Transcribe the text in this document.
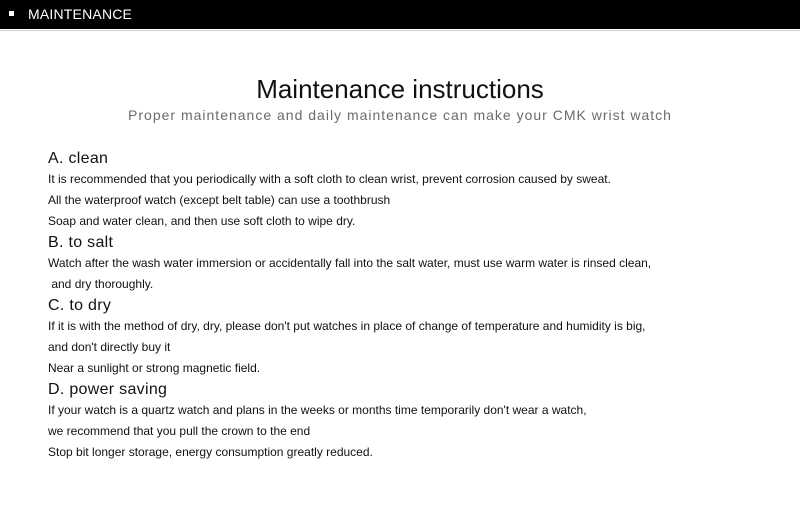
MAINTENANCE
Maintenance instructions
Proper maintenance and daily maintenance can make your CMK wrist watch
A. clean
It is recommended that you periodically with a soft cloth to clean wrist, prevent corrosion caused by sweat.
All the waterproof watch (except belt table) can use a toothbrush
Soap and water clean, and then use soft cloth to wipe dry.
B. to salt
Watch after the wash water immersion or accidentally fall into the salt water, must use warm water is rinsed clean,
and dry thoroughly.
C. to dry
If it is with the method of dry, dry, please don't put watches in place of change of temperature and humidity is big,
and don't directly buy it
Near a sunlight or strong magnetic field.
D. power saving
If your watch is a quartz watch and plans in the weeks or months time temporarily don't wear a watch,
we recommend that you pull the crown to the end
Stop bit longer storage, energy consumption greatly reduced.
